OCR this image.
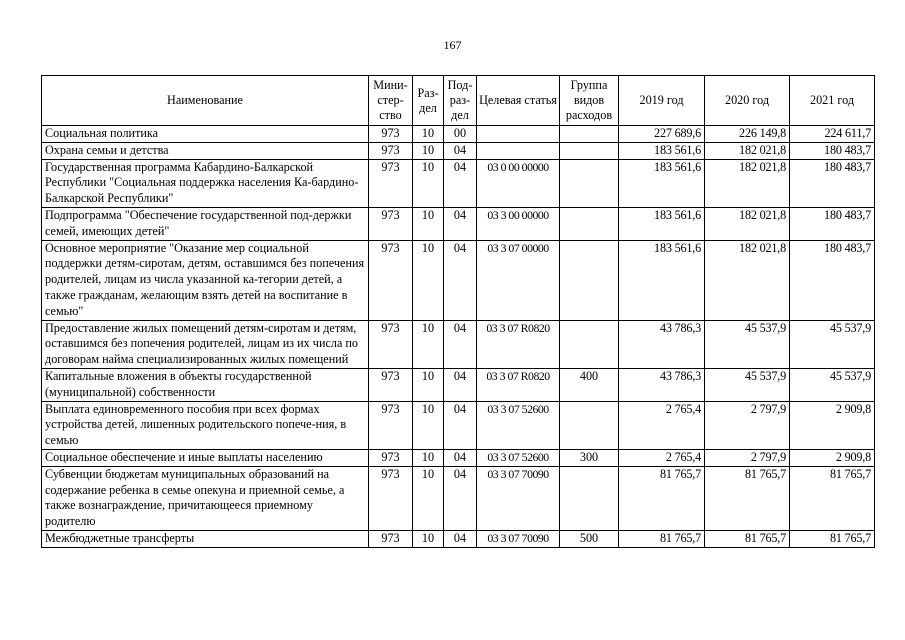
167
Наименование	Мини-стер-ство	Раз-дел	Под-раз-дел	Целевая статья	Группа видов расходов	2019 год	2020 год	2021 год
Социальная политика	973	10	00			227 689,6	226 149,8	224 611,7
Охрана семьи и детства	973	10	04			183 561,6	182 021,8	180 483,7
Государственная программа Кабардино-Балкарской Республики "Социальная поддержка населения Ка-бардино-Балкарской Республики"	973	10	04	03 0 00 00000		183 561,6	182 021,8	180 483,7
Подпрограмма "Обеспечение государственной под-держки семей, имеющих детей"	973	10	04	03 3 00 00000		183 561,6	182 021,8	180 483,7
Основное мероприятие "Оказание мер социальной поддержки детям-сиротам, детям, оставшимся без попечения родителей, лицам из числа указанной ка-тегории детей, а также гражданам, желающим взять детей на воспитание в семью"	973	10	04	03 3 07 00000		183 561,6	182 021,8	180 483,7
Предоставление жилых помещений детям-сиротам и детям, оставшимся без попечения родителей, лицам из их числа по договорам найма специализированных жилых помещений	973	10	04	03 3 07 R0820		43 786,3	45 537,9	45 537,9
Капитальные вложения в объекты государственной (муниципальной) собственности	973	10	04	03 3 07 R0820	400	43 786,3	45 537,9	45 537,9
Выплата единовременного пособия при всех формах устройства детей, лишенных родительского попече-ния, в семью	973	10	04	03 3 07 52600		2 765,4	2 797,9	2 909,8
Социальное обеспечение и иные выплаты населению	973	10	04	03 3 07 52600	300	2 765,4	2 797,9	2 909,8
Субвенции бюджетам муниципальных образований на содержание ребенка в семье опекуна и приемной семье, а также вознаграждение, причитающееся приемному родителю	973	10	04	03 3 07 70090		81 765,7	81 765,7	81 765,7
Межбюджетные трансферты	973	10	04	03 3 07 70090	500	81 765,7	81 765,7	81 765,7
